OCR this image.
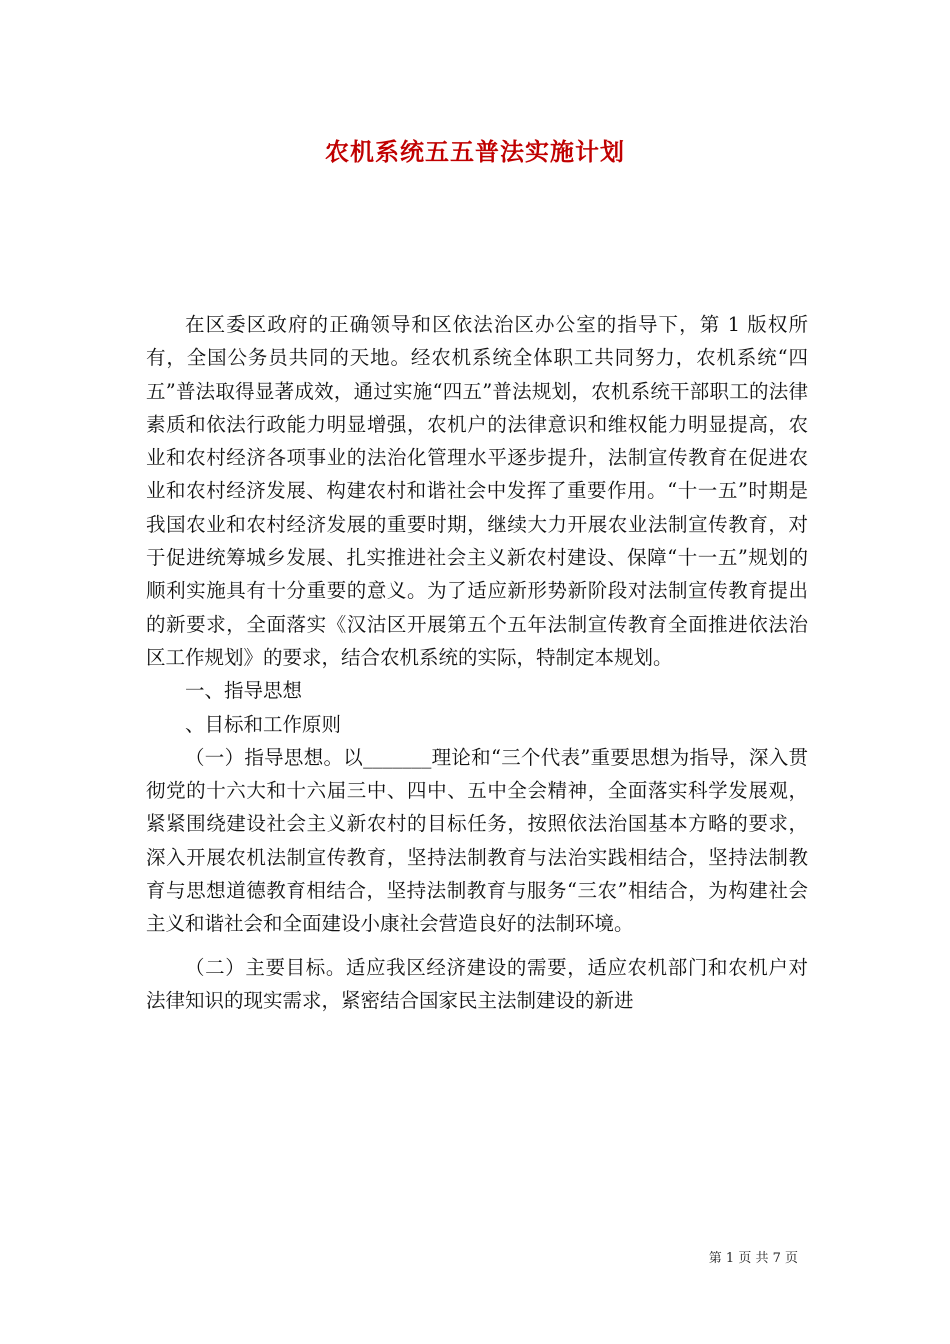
农机系统五五普法实施计划

在区委区政府的正确领导和区依法治区办公室的指导下，第 1 版权所有，全国公务员共同的天地。经农机系统全体职工共同努力，农机系统“四五”普法取得显著成效，通过实施“四五”普法规划，农机系统干部职工的法律素质和依法行政能力明显增强，农机户的法律意识和维权能力明显提高，农业和农村经济各项事业的法治化管理水平逐步提升，法制宣传教育在促进农业和农村经济发展、构建农村和谐社会中发挥了重要作用。“十一五”时期是我国农业和农村经济发展的重要时期，继续大力开展农业法制宣传教育，对于促进统筹城乡发展、扎实推进社会主义新农村建设、保障“十一五”规划的顺利实施具有十分重要的意义。为了适应新形势新阶段对法制宣传教育提出的新要求，全面落实《汉沽区开展第五个五年法制宣传教育全面推进依法治区工作规划》的要求，结合农机系统的实际，特制定本规划。

一、指导思想

、目标和工作原则

（一）指导思想。以_______理论和“三个代表”重要思想为指导，深入贯彻党的十六大和十六届三中、四中、五中全会精神，全面落实科学发展观，紧紧围绕建设社会主义新农村的目标任务，按照依法治国基本方略的要求，深入开展农机法制宣传教育，坚持法制教育与法治实践相结合，坚持法制教育与思想道德教育相结合，坚持法制教育与服务“三农”相结合，为构建社会主义和谐社会和全面建设小康社会营造良好的法制环境。

（二）主要目标。适应我区经济建设的需要，适应农机部门和农机户对法律知识的现实需求，紧密结合国家民主法制建设的新进

第 1 页 共 7 页
